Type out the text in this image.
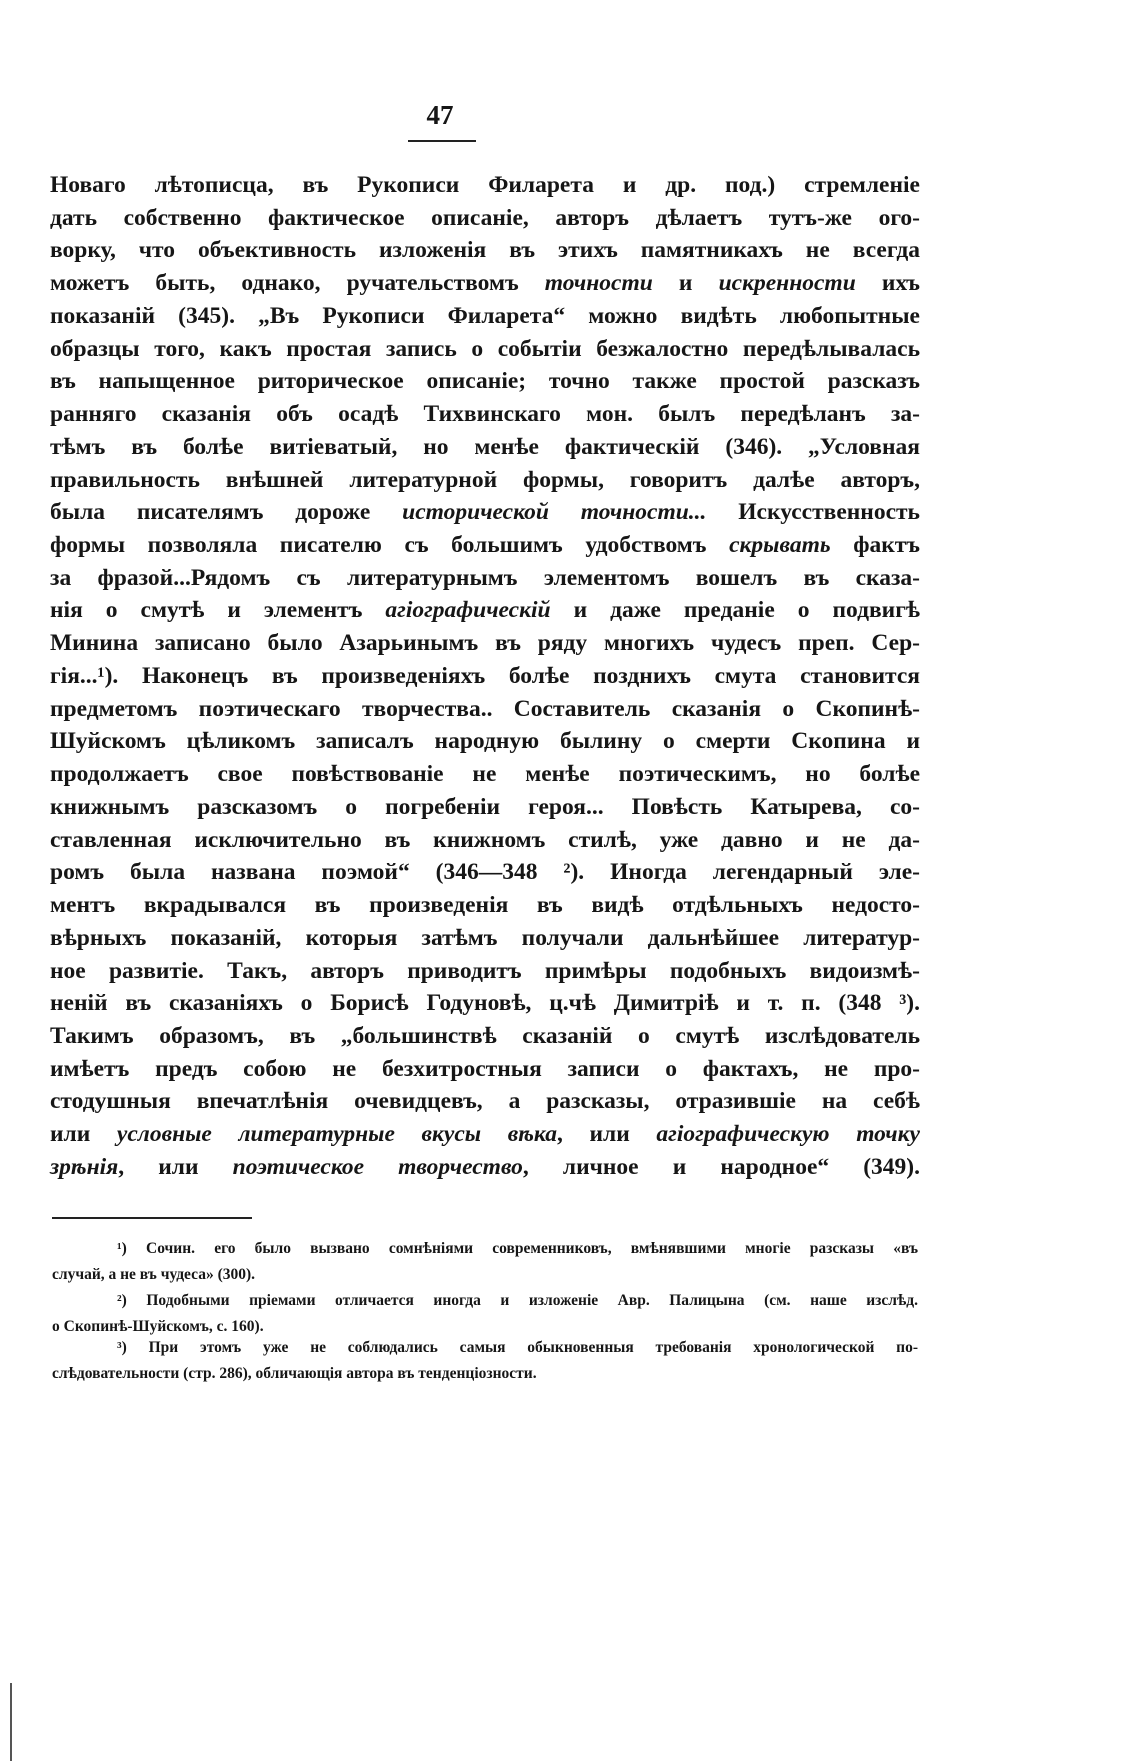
47
Новаго лѣтописца, въ Рукописи Филарета и др. под.) стремленіе
дать собственно фактическое описаніе, авторъ дѣлаетъ тутъ-же ого-
ворку, что объективность изложенія въ этихъ памятникахъ не всегда
можетъ быть, однако, ручательствомъ точности и искренности ихъ
показаній (345). „Въ Рукописи Филарета“ можно видѣть любопытные
образцы того, какъ простая запись о событіи безжалостно передѣлывалась
въ напыщенное риторическое описаніе; точно также простой разсказъ
ранняго сказанія объ осадѣ Тихвинскаго мон. былъ передѣланъ за-
тѣмъ въ болѣе витіеватый, но менѣе фактическій (346). „Условная
правильность внѣшней литературной формы, говоритъ далѣе авторъ,
была писателямъ дороже исторической точности... Искусственность
формы позволяла писателю съ большимъ удобствомъ скрывать фактъ
за фразой...Рядомъ съ литературнымъ элементомъ вошелъ въ сказа-
нія о смутѣ и элементъ агіографическій и даже преданіе о подвигѣ
Минина записано было Азарьинымъ въ ряду многихъ чудесъ преп. Сер-
гія...¹). Наконецъ въ произведеніяхъ болѣе позднихъ смута становится
предметомъ поэтическаго творчества.. Составитель сказанія о Скопинѣ-
Шуйскомъ цѣликомъ записалъ народную былину о смерти Скопина и
продолжаетъ свое повѣствованіе не менѣе поэтическимъ, но болѣе
книжнымъ разсказомъ о погребеніи героя... Повѣсть Катырева, со-
ставленная исключительно въ книжномъ стилѣ, уже давно и не да-
ромъ была названа поэмой“ (346—348 ²). Иногда легендарный эле-
ментъ вкрадывался въ произведенія въ видѣ отдѣльныхъ недосто-
вѣрныхъ показаній, которыя затѣмъ получали дальнѣйшее литератур-
ное развитіе. Такъ, авторъ приводитъ примѣры подобныхъ видоизмѣ-
неній въ сказаніяхъ о Борисѣ Годуновѣ, ц.чѣ Димитріѣ и т. п. (348 ³).
Такимъ образомъ, въ „большинствѣ сказаній о смутѣ изслѣдователь
имѣетъ предъ собою не безхитростныя записи о фактахъ, не про-
стодушныя впечатлѣнія очевидцевъ, а разсказы, отразившіе на себѣ
или условные литературные вкусы вѣка, или агіографическую точку
зрѣнія, или поэтическое творчество, личное и народное“ (349).
¹) Сочин. его было вызвано сомнѣніями современниковъ, вмѣнявшими многіе разсказы «въ
случай, а не въ чудеса» (300).
²) Подобными пріемами отличается иногда и изложеніе Авр. Палицына (см. наше изслѣд.
о Скопинѣ-Шуйскомъ, с. 160).
³) При этомъ уже не соблюдались самыя обыкновенныя требованія хронологической по-
слѣдовательности (стр. 286), обличающія автора въ тенденціозности.
